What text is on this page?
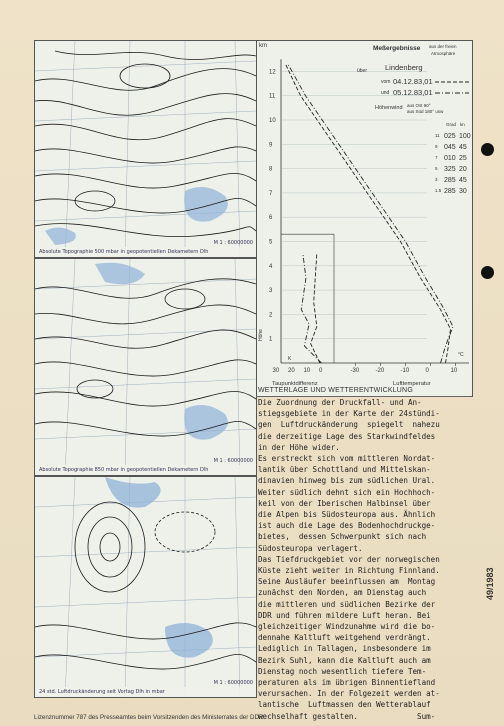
M 1 : 60000000
Absolute Topographie 500 mbar in geopotentiellen Dekametern Dlh
M 1 : 60000000
Absolute Topographie 850 mbar in geopotentiellen Dekametern Dlh
M 1 : 60000000
24 std. Luftdruckänderung seit Vortag Dlh in mbar
1
2
3
4
5
6
7
8
9
10
11
12
30 20 10 0	-30	-20	-10	0	10
km	Meßergebnisse aus der freien
Atmosphäre
über Lindenberg
vom 04.12.83,01
und 05.12.83,01
Höhenwind aus Ost 90°
aus Süd 180° usw
Grad kn
11 025 100
9 045 45
7 010 25
5 325 20
3 285 45
1.5 285 30
Höhe
Taupunktdifferenz	Lufttemperatur
K
°C
WETTERLAGE UND WETTERENTWICKLUNG
Die Zuordnung der Druckfall- und An-
stiegsgebiete in der Karte der 24stündi-
gen  Luftdruckänderung  spiegelt  nahezu
die derzeitige Lage des Starkwindfeldes
in der Höhe wider.
Es erstreckt sich vom mittleren Nordat-
lantik über Schottland und Mittelskan-
dinavien hinweg bis zum südlichen Ural.
Weiter südlich dehnt sich ein Hochhoch-
keil von der Iberischen Halbinsel über
die Alpen bis Südosteuropa aus. Ähnlich
ist auch die Lage des Bodenhochdruckge-
bietes,  dessen Schwerpunkt sich nach
Südosteuropa verlagert.
Das Tiefdruckgebiet vor der norwegischen
Küste zieht weiter in Richtung Finnland.
Seine Ausläufer beeinflussen am  Montag
zunächst den Norden, am Dienstag auch
die mittleren und südlichen Bezirke der
DDR und führen mildere Luft heran. Bei
gleichzeitiger Windzunahme wird die bo-
dennahe Kaltluft weitgehend verdrängt.
Lediglich in Tallagen, insbesondere im
Bezirk Suhl, kann die Kaltluft auch am
Dienstag noch wesentlich tiefere Tem-
peraturen als im übrigen Binnentiefland
verursachen. In der Folgezeit werden at-
lantische  Luftmassen den Wetterablauf
wechselhaft gestalten.             Sum-
Lizenznummer 787 des Presseamtes beim Vorsitzenden des Ministerrates der DDR
49/1983
